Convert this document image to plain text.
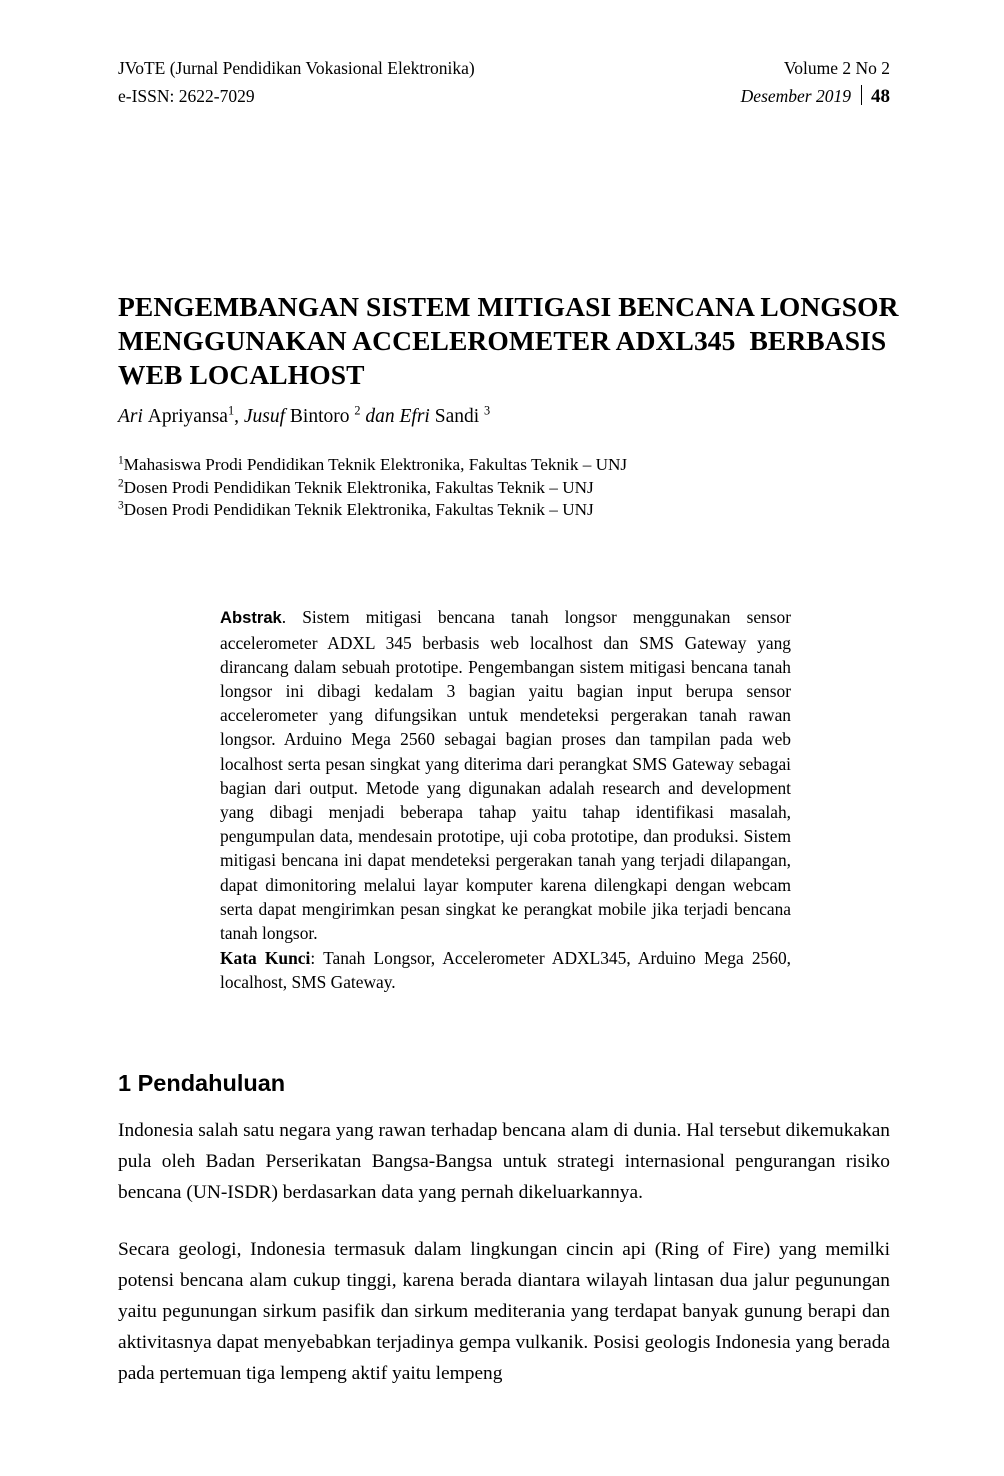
JVoTE (Jurnal Pendidikan Vokasional Elektronika)	Volume 2 No 2
e-ISSN: 2622-7029	Desember 2019 48
PENGEMBANGAN SISTEM MITIGASI BENCANA LONGSOR MENGGUNAKAN ACCELEROMETER ADXL345  BERBASIS WEB LOCALHOST
Ari Apriyansa$^1$, Jusuf Bintoro $^2$ dan Efri Sandi $^3$
$^1$Mahasiswa Prodi Pendidikan Teknik Elektronika, Fakultas Teknik – UNJ
$^2$Dosen Prodi Pendidikan Teknik Elektronika, Fakultas Teknik – UNJ
$^3$Dosen Prodi Pendidikan Teknik Elektronika, Fakultas Teknik – UNJ

Abstrak. Sistem mitigasi bencana tanah longsor menggunakan sensor accelerometer ADXL 345 berbasis web localhost dan SMS Gateway yang dirancang dalam sebuah prototipe. Pengembangan sistem mitigasi bencana tanah longsor ini dibagi kedalam 3 bagian yaitu bagian input berupa sensor accelerometer yang difungsikan untuk mendeteksi pergerakan tanah rawan longsor. Arduino Mega 2560 sebagai bagian proses dan tampilan pada web localhost serta pesan singkat yang diterima dari perangkat SMS Gateway sebagai bagian dari output. Metode yang digunakan adalah research and development yang dibagi menjadi beberapa tahap yaitu tahap identifikasi masalah, pengumpulan data, mendesain prototipe, uji coba prototipe, dan produksi. Sistem mitigasi bencana ini dapat mendeteksi pergerakan tanah yang terjadi dilapangan, dapat dimonitoring melalui layar komputer karena dilengkapi dengan webcam serta dapat mengirimkan pesan singkat ke perangkat mobile jika terjadi bencana tanah longsor.

Kata Kunci: Tanah Longsor, Accelerometer ADXL345, Arduino Mega 2560, localhost, SMS Gateway.
1 Pendahuluan

Indonesia salah satu negara yang rawan terhadap bencana alam di dunia. Hal tersebut dikemukakan pula oleh Badan Perserikatan Bangsa-Bangsa untuk strategi internasional pengurangan risiko bencana (UN-ISDR) berdasarkan data yang pernah dikeluarkannya.

Secara geologi, Indonesia termasuk dalam lingkungan cincin api (Ring of Fire) yang memilki potensi bencana alam cukup tinggi, karena berada diantara wilayah lintasan dua jalur pegunungan yaitu pegunungan sirkum pasifik dan sirkum mediterania yang terdapat banyak gunung berapi dan aktivitasnya dapat menyebabkan terjadinya gempa vulkanik. Posisi geologis Indonesia yang berada pada pertemuan tiga lempeng aktif yaitu lempeng
